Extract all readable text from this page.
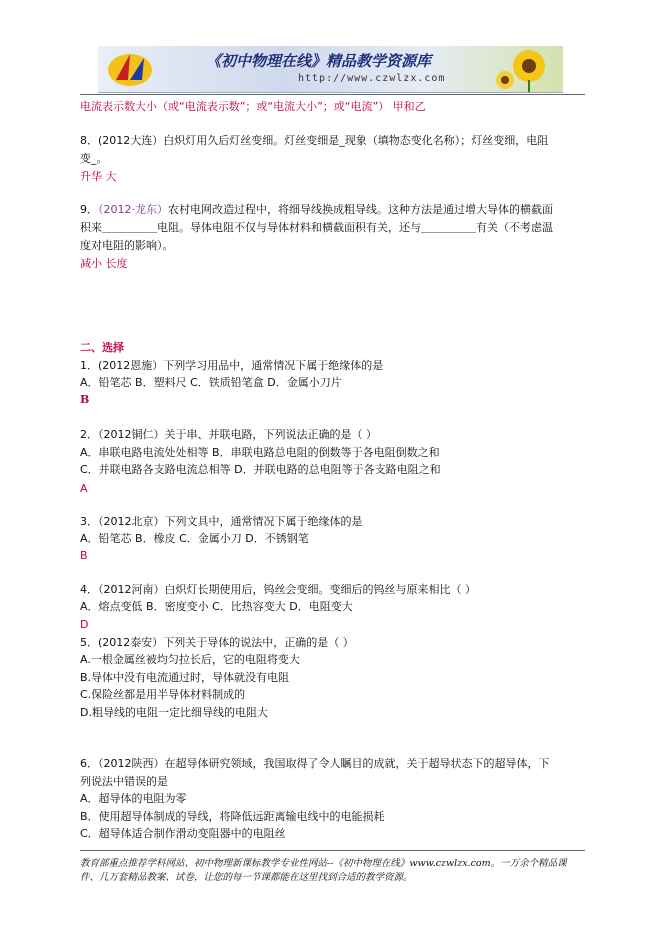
《初中物理在线》精品教学资源库
http://www.czwlzx.com

电流表示数大小（或“电流表示数”；或“电流大小”；或“电流”） 甲和乙

8．(2012大连）白炽灯用久后灯丝变细。灯丝变细是_现象（填物态变化名称）；灯丝变细，电阻

变_。

升华 大

9．（2012·龙东）农村电网改造过程中，将细导线换成粗导线。这种方法是通过增大导体的横截面

积来＿＿＿＿＿电阻。导体电阻不仅与导体材料和横截面积有关，还与＿＿＿＿＿有关（不考虑温

度对电阻的影响）。

减小 长度

二、选择

1．(2012恩施）下列学习用品中，通常情况下属于绝缘体的是

A．铅笔芯 B．塑料尺 C．铁质铅笔盒 D．金属小刀片

B

2．（2012铜仁）关于串、并联电路，下列说法正确的是（ ）

A．串联电路电流处处相等 B．串联电路总电阻的倒数等于各电阻倒数之和

C．并联电路各支路电流总相等 D．并联电路的总电阻等于各支路电阻之和

A

3．（2012北京）下列文具中，通常情况下属于绝缘体的是

A．铅笔芯 B．橡皮 C．金属小刀 D．不锈钢笔

B

4．（2012河南）白炽灯长期使用后，钨丝会变细。变细后的钨丝与原来相比（ ）

A．熔点变低 B．密度变小 C．比热容变大 D．电阻变大

D

5．(2012泰安）下列关于导体的说法中，正确的是（ ）

A.一根金属丝被均匀拉长后，它的电阻将变大

B.导体中没有电流通过时，导体就没有电阻

C.保险丝都是用半导体材料制成的

D.粗导线的电阻一定比细导线的电阻大

6．（2012陕西）在超导体研究领域，我国取得了令人瞩目的成就，关于超导状态下的超导体，下

列说法中错误的是

A．超导体的电阻为零

B．使用超导体制成的导线，将降低远距离输电线中的电能损耗

C．超导体适合制作滑动变阻器中的电阻丝

教育部重点推荐学科网站、初中物理新课标教学专业性网站--《初中物理在线》www.czwlzx.com。一万余个精品课
件、几万套精品教案、试卷，让您的每一节课都能在这里找到合适的教学资源。
